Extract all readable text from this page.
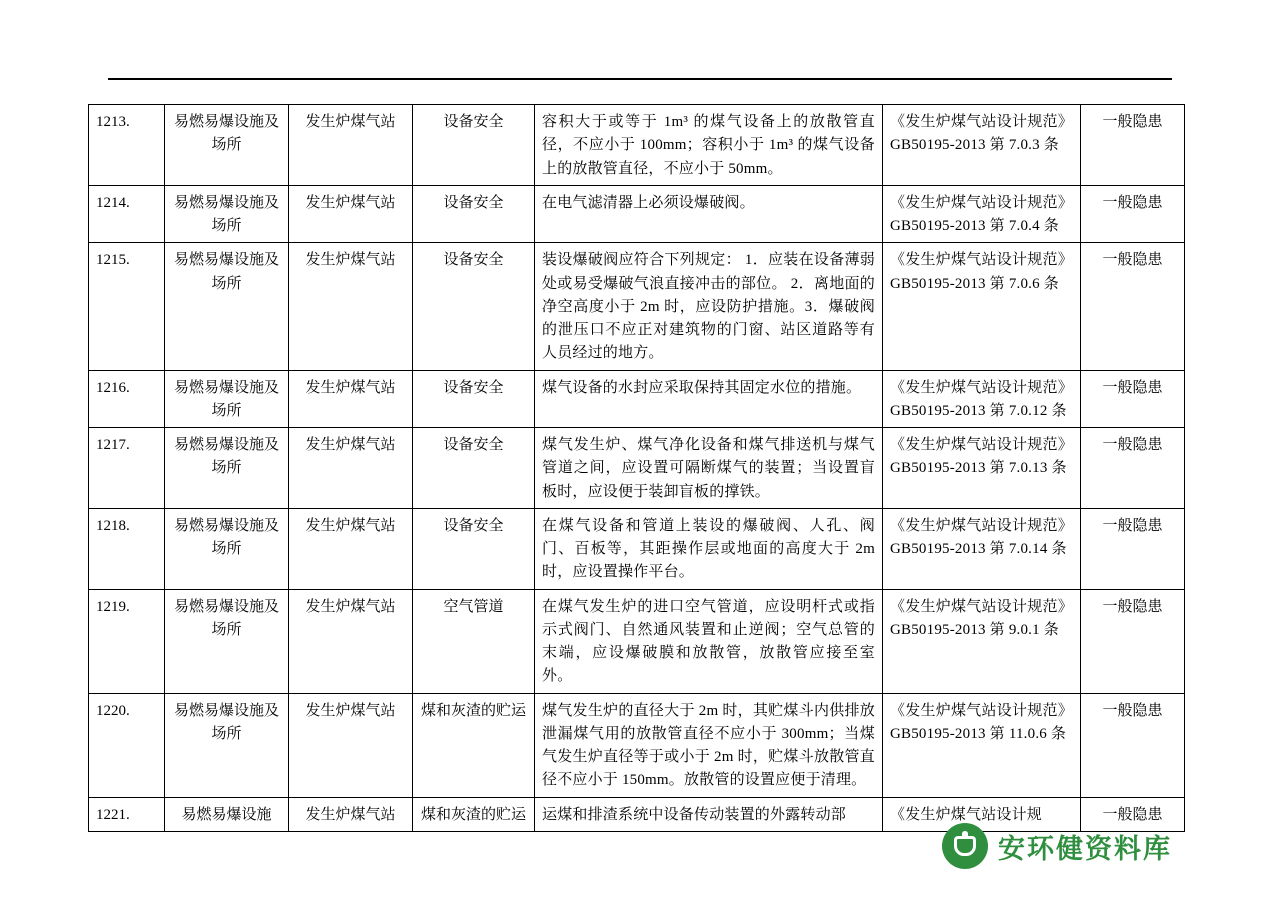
1213.	易燃易爆设施及场所	发生炉煤气站	设备安全	容积大于或等于 1m³ 的煤气设备上的放散管直径，不应小于 100mm；容积小于 1m³ 的煤气设备上的放散管直径，不应小于 50mm。	《发生炉煤气站设计规范》GB50195-2013 第 7.0.3 条	一般隐患
1214.	易燃易爆设施及场所	发生炉煤气站	设备安全	在电气滤清器上必须设爆破阀。	《发生炉煤气站设计规范》GB50195-2013 第 7.0.4 条	一般隐患
1215.	易燃易爆设施及场所	发生炉煤气站	设备安全	装设爆破阀应符合下列规定： 1．应装在设备薄弱处或易受爆破气浪直接冲击的部位。 2．离地面的净空高度小于 2m 时，应设防护措施。3．爆破阀的泄压口不应正对建筑物的门窗、站区道路等有人员经过的地方。	《发生炉煤气站设计规范》GB50195-2013 第 7.0.6 条	一般隐患
1216.	易燃易爆设施及场所	发生炉煤气站	设备安全	煤气设备的水封应采取保持其固定水位的措施。	《发生炉煤气站设计规范》GB50195-2013 第 7.0.12 条	一般隐患
1217.	易燃易爆设施及场所	发生炉煤气站	设备安全	煤气发生炉、煤气净化设备和煤气排送机与煤气管道之间，应设置可隔断煤气的装置；当设置盲板时，应设便于装卸盲板的撑铁。	《发生炉煤气站设计规范》GB50195-2013 第 7.0.13 条	一般隐患
1218.	易燃易爆设施及场所	发生炉煤气站	设备安全	在煤气设备和管道上装设的爆破阀、人孔、阀门、百板等，其距操作层或地面的高度大于 2m 时，应设置操作平台。	《发生炉煤气站设计规范》GB50195-2013 第 7.0.14 条	一般隐患
1219.	易燃易爆设施及场所	发生炉煤气站	空气管道	在煤气发生炉的进口空气管道，应设明杆式或指示式阀门、自然通风装置和止逆阀；空气总管的末端，应设爆破膜和放散管，放散管应接至室外。	《发生炉煤气站设计规范》GB50195-2013 第 9.0.1 条	一般隐患
1220.	易燃易爆设施及场所	发生炉煤气站	煤和灰渣的贮运	煤气发生炉的直径大于 2m 时，其贮煤斗内供排放泄漏煤气用的放散管直径不应小于 300mm；当煤气发生炉直径等于或小于 2m 时，贮煤斗放散管直径不应小于 150mm。放散管的设置应便于清理。	《发生炉煤气站设计规范》GB50195-2013 第 11.0.6 条	一般隐患
1221.	易燃易爆设施	发生炉煤气站	煤和灰渣的贮运	运煤和排渣系统中设备传动装置的外露转动部	《发生炉煤气站设计规	一般隐患
安环健资料库
